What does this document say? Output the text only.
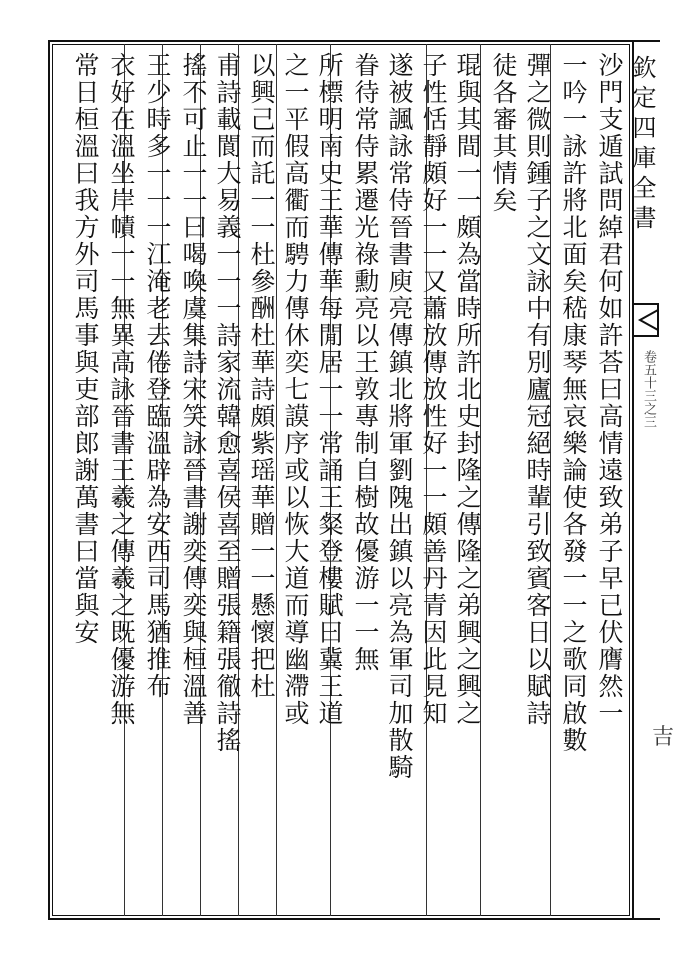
沙門支遁試問綽君何如許荅曰高情遠致弟子早已伏膺然一
一吟一詠許將北面矣嵇康琴無哀樂論使各發一一之歌同啟數
彈之微則鍾子之文詠中有別廬冠絕時輩引致賓客日以賦詩
徒各審其情矣
琨與其間一一頗為當時所許北史封隆之傳隆之弟興之興之
子性恬靜頗好一一又蕭放傳放性好一一頗善丹青因此見知
遂被諷詠常侍晉書庾亮傳鎮北將軍劉隗出鎮以亮為軍司加散騎
眷待常侍累遷光祿勳亮以王敦專制自樹故優游一一無
所標明南史王華傳華每閒居一一常誦王粲登樓賦曰冀王道
之一平假高衢而騁力傳休奕七謨序或以恢大道而導幽滯或
以興己而託一一杜參酬杜華詩頗紫瑶華贈一一懸懷把杜
甫詩載閬大易義一一一詩家流韓愈喜侯喜至贈張籍張徹詩搖
搖不可止一一曰喝喚虞集詩宋笑詠晉書謝奕傳奕與桓溫善
王少時多一一一江淹老去倦登臨溫辟為安西司馬猶推布
衣好在溫坐岸幘一一無異高詠晉書王羲之傳羲之既優游無
常日桓溫曰我方外司馬事與吏部郎謝萬書曰當與安	欽定四庫全書
卷五十三之三
吉
